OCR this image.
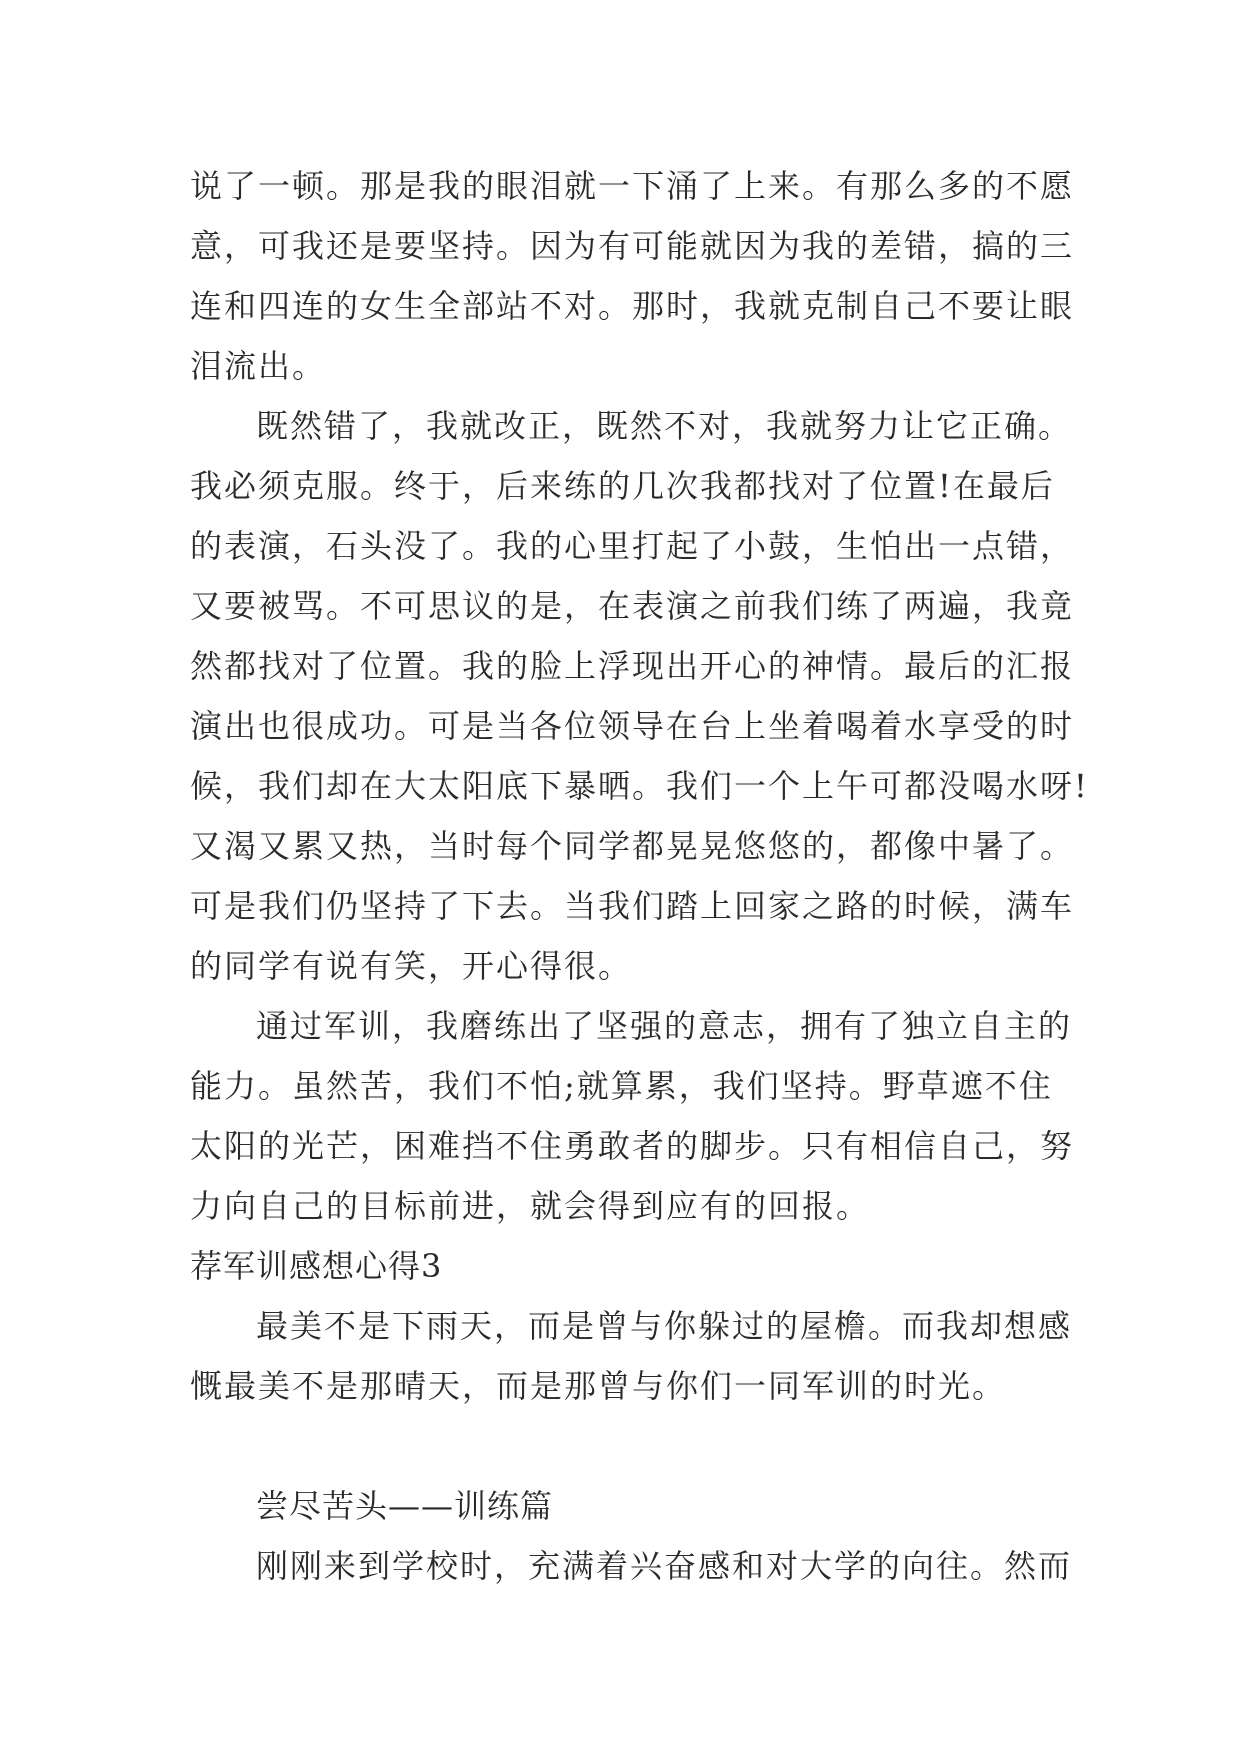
说了一顿。那是我的眼泪就一下涌了上来。有那么多的不愿
意，可我还是要坚持。因为有可能就因为我的差错，搞的三
连和四连的女生全部站不对。那时，我就克制自己不要让眼
泪流出。
既然错了，我就改正，既然不对，我就努力让它正确。
我必须克服。终于，后来练的几次我都找对了位置!在最后
的表演，石头没了。我的心里打起了小鼓，生怕出一点错，
又要被骂。不可思议的是，在表演之前我们练了两遍，我竟
然都找对了位置。我的脸上浮现出开心的神情。最后的汇报
演出也很成功。可是当各位领导在台上坐着喝着水享受的时
候，我们却在大太阳底下暴晒。我们一个上午可都没喝水呀!
又渴又累又热，当时每个同学都晃晃悠悠的，都像中暑了。
可是我们仍坚持了下去。当我们踏上回家之路的时候，满车
的同学有说有笑，开心得很。
通过军训，我磨练出了坚强的意志，拥有了独立自主的
能力。虽然苦，我们不怕;就算累，我们坚持。野草遮不住
太阳的光芒，困难挡不住勇敢者的脚步。只有相信自己，努
力向自己的目标前进，就会得到应有的回报。
荐军训感想心得3
最美不是下雨天，而是曾与你躲过的屋檐。而我却想感
慨最美不是那晴天，而是那曾与你们一同军训的时光。
尝尽苦头——训练篇
刚刚来到学校时，充满着兴奋感和对大学的向往。然而
